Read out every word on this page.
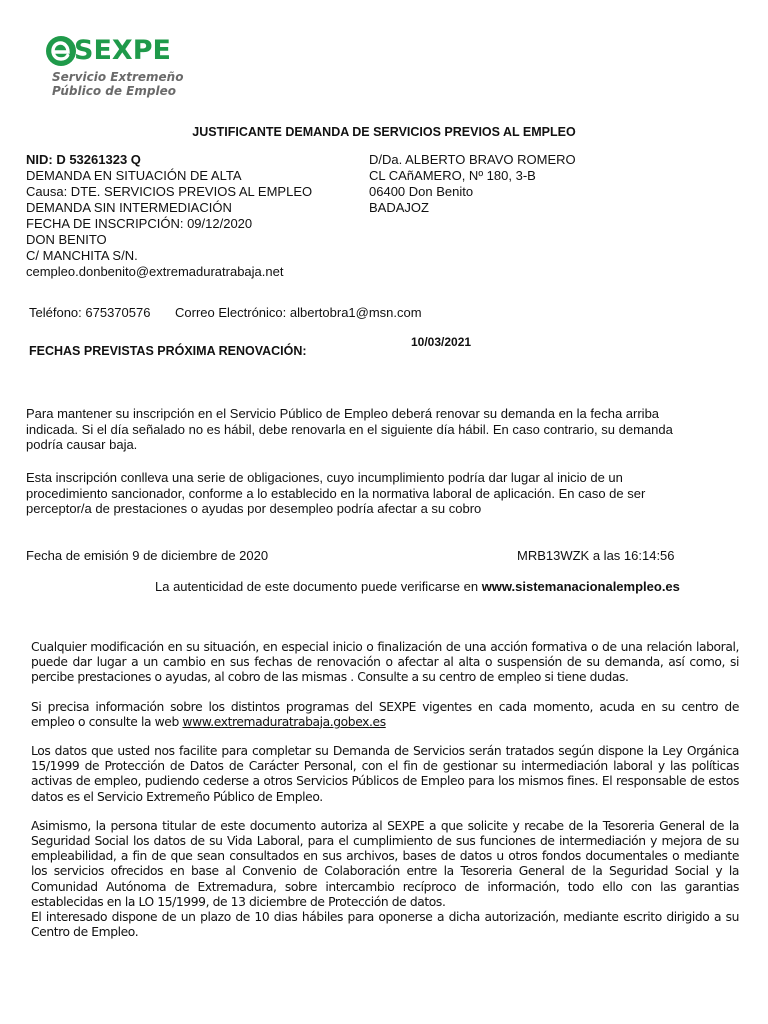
SEXPE
Servicio Extremeño
Público de Empleo
JUSTIFICANTE DEMANDA DE SERVICIOS PREVIOS AL EMPLEO
NID: D 53261323 Q
DEMANDA EN SITUACIÓN DE ALTA
Causa: DTE. SERVICIOS PREVIOS AL EMPLEO
DEMANDA SIN INTERMEDIACIÓN
FECHA DE INSCRIPCIÓN: 09/12/2020
DON BENITO
C/ MANCHITA S/N.
cempleo.donbenito@extremaduratrabaja.net
D/Da. ALBERTO BRAVO ROMERO
CL CAñAMERO, Nº 180, 3-B
06400 Don Benito
BADAJOZ
Teléfono: 675370576 Correo Electrónico: albertobra1@msn.com
10/03/2021
FECHAS PREVISTAS PRÓXIMA RENOVACIÓN:
Para mantener su inscripción en el Servicio Público de Empleo deberá renovar su demanda en la fecha arriba
indicada. Si el día señalado no es hábil, debe renovarla en el siguiente día hábil. En caso contrario, su demanda
podría causar baja.
Esta inscripción conlleva una serie de obligaciones, cuyo incumplimiento podría dar lugar al inicio de un
procedimiento sancionador, conforme a lo establecido en la normativa laboral de aplicación. En caso de ser
perceptor/a de prestaciones o ayudas por desempleo podría afectar a su cobro
Fecha de emisión 9 de diciembre de 2020	MRB13WZK a las 16:14:56
La autenticidad de este documento puede verificarse en www.sistemanacionalempleo.es

Cualquier modificación en su situación, en especial inicio o finalización de una acción formativa o de una relación laboral, puede dar lugar a un cambio en sus fechas de renovación o afectar al alta o suspensión de su demanda, así como, si percibe prestaciones o ayudas, al cobro de las mismas . Consulte a su centro de empleo si tiene dudas.

Si precisa información sobre los distintos programas del SEXPE vigentes en cada momento, acuda en su centro de empleo o consulte la web www.extremaduratrabaja.gobex.es

Los datos que usted nos facilite para completar su Demanda de Servicios serán tratados según dispone la Ley Orgánica 15/1999 de Protección de Datos de Carácter Personal, con el fin de gestionar su intermediación laboral y las políticas activas de empleo, pudiendo cederse a otros Servicios Públicos de Empleo para los mismos fines. El responsable de estos datos es el Servicio Extremeño Público de Empleo.

Asimismo, la persona titular de este documento autoriza al SEXPE a que solicite y recabe de la Tesoreria General de la Seguridad Social los datos de su Vida Laboral, para el cumplimiento de sus funciones de intermediación y mejora de su empleabilidad, a fin de que sean consultados en sus archivos, bases de datos u otros fondos documentales o mediante los servicios ofrecidos en base al Convenio de Colaboración entre la Tesoreria General de la Seguridad Social y la Comunidad Autónoma de Extremadura, sobre intercambio recíproco de información, todo ello con las garantias establecidas en la LO 15/1999, de 13 diciembre de Protección de datos.

El interesado dispone de un plazo de 10 dias hábiles para oponerse a dicha autorización, mediante escrito dirigido a su Centro de Empleo.
